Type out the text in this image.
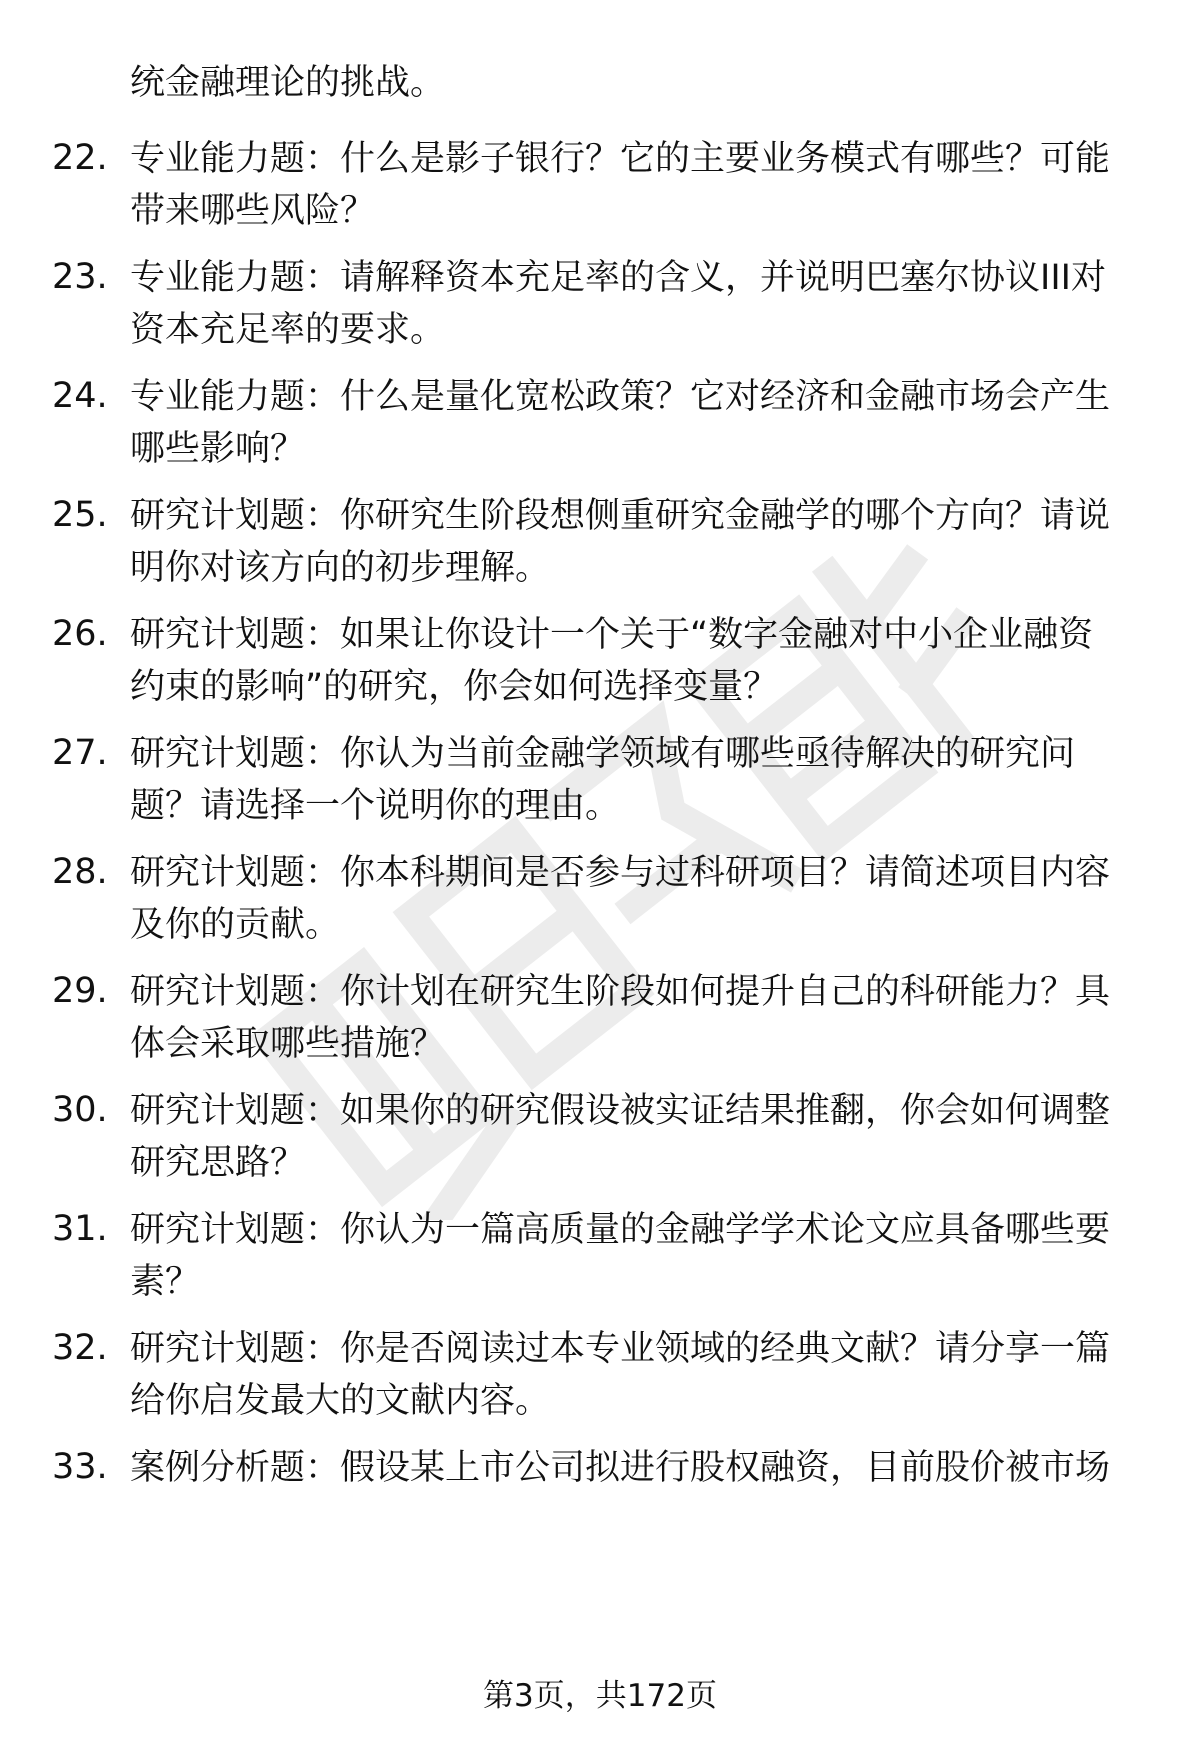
统金融理论的挑战。
22. 专业能力题：什么是影子银行？它的主要业务模式有哪些？可能
带来哪些风险？
23. 专业能力题：请解释资本充足率的含义，并说明巴塞尔协议III对
资本充足率的要求。
24. 专业能力题：什么是量化宽松政策？它对经济和金融市场会产生
哪些影响？
25. 研究计划题：你研究生阶段想侧重研究金融学的哪个方向？请说
明你对该方向的初步理解。
26. 研究计划题：如果让你设计一个关于“数字金融对中小企业融资
约束的影响”的研究，你会如何选择变量？
27. 研究计划题：你认为当前金融学领域有哪些亟待解决的研究问
题？请选择一个说明你的理由。
28. 研究计划题：你本科期间是否参与过科研项目？请简述项目内容
及你的贡献。
29. 研究计划题：你计划在研究生阶段如何提升自己的科研能力？具
体会采取哪些措施？
30. 研究计划题：如果你的研究假设被实证结果推翻，你会如何调整
研究思路？
31. 研究计划题：你认为一篇高质量的金融学学术论文应具备哪些要
素？
32. 研究计划题：你是否阅读过本专业领域的经典文献？请分享一篇
给你启发最大的文献内容。
33. 案例分析题：假设某上市公司拟进行股权融资，目前股价被市场
第3页，共172页
